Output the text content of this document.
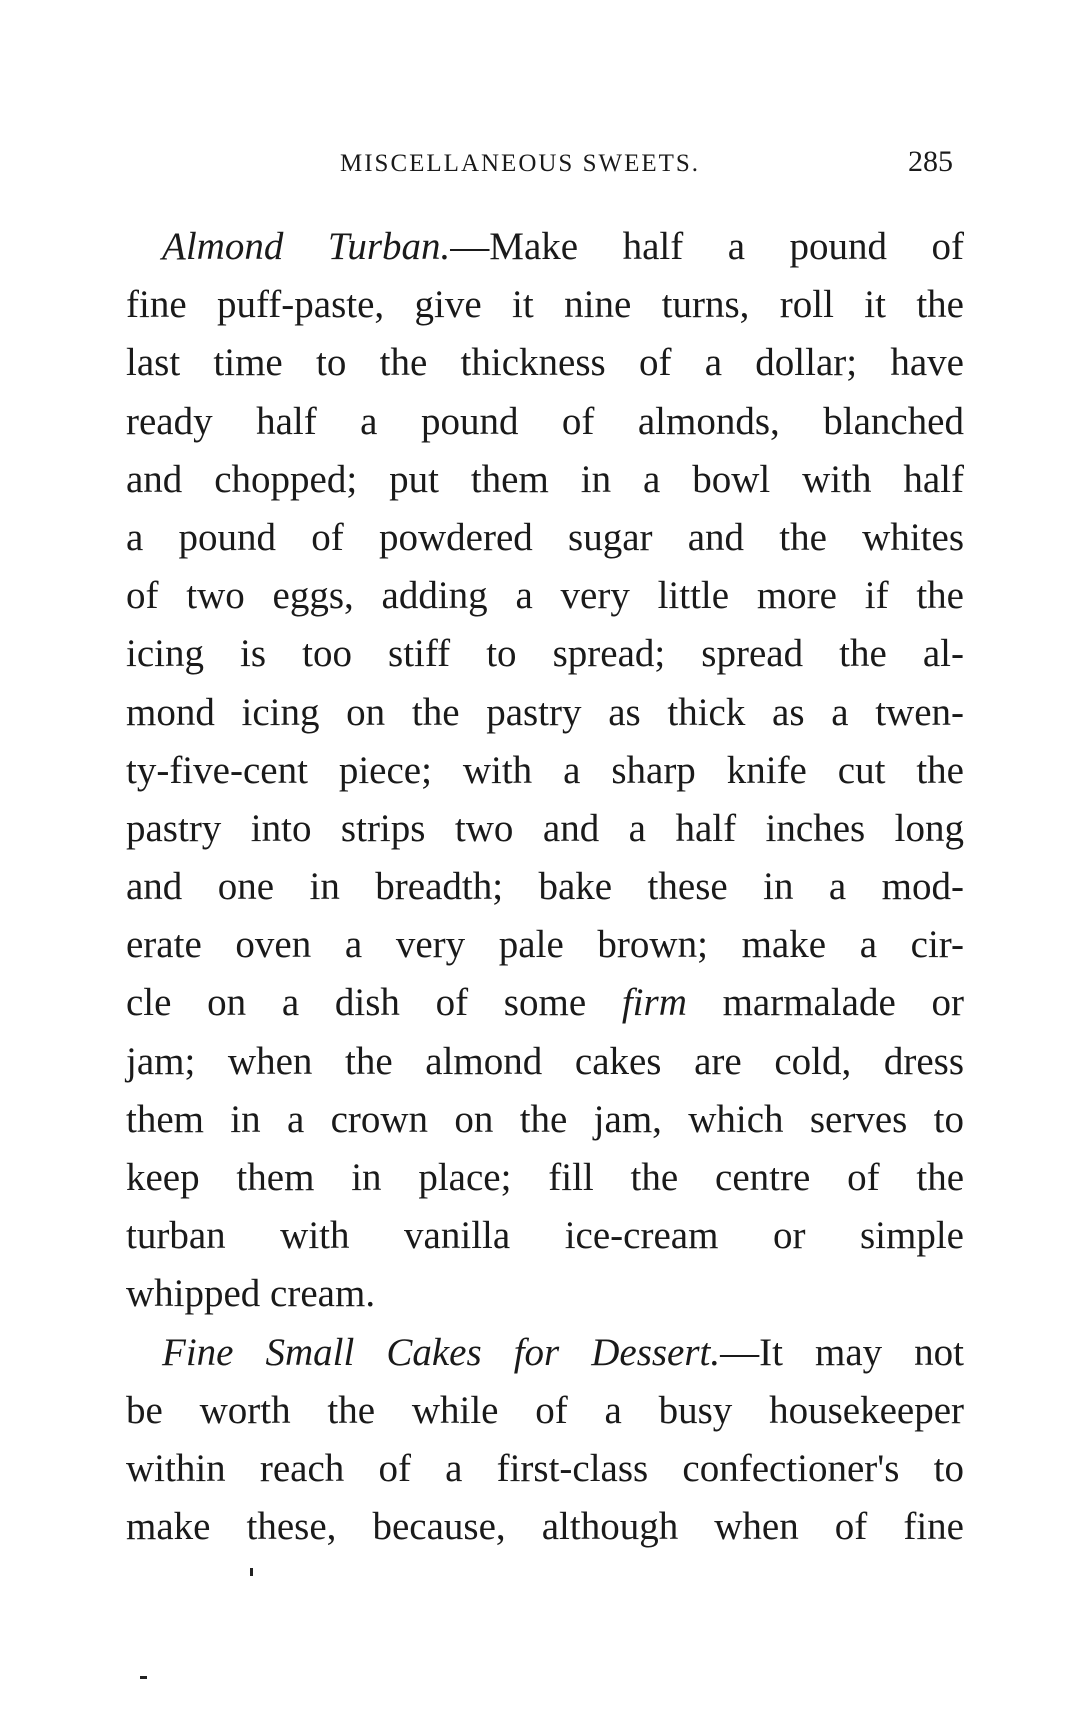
MISCELLANEOUS SWEETS.	285
Almond Turban.—Make half a pound of
fine puff-paste, give it nine turns, roll it the
last time to the thickness of a dollar; have
ready half a pound of almonds, blanched
and chopped; put them in a bowl with half
a pound of powdered sugar and the whites
of two eggs, adding a very little more if the
icing is too stiff to spread; spread the al-
mond icing on the pastry as thick as a twen-
ty-five-cent piece; with a sharp knife cut the
pastry into strips two and a half inches long
and one in breadth; bake these in a mod-
erate oven a very pale brown; make a cir-
cle on a dish of some firm marmalade or
jam; when the almond cakes are cold, dress
them in a crown on the jam, which serves to
keep them in place; fill the centre of the
turban with vanilla ice-cream or simple
whipped cream.
Fine Small Cakes for Dessert.—It may not
be worth the while of a busy housekeeper
within reach of a first-class confectioner's to
make these, because, although when of fine
